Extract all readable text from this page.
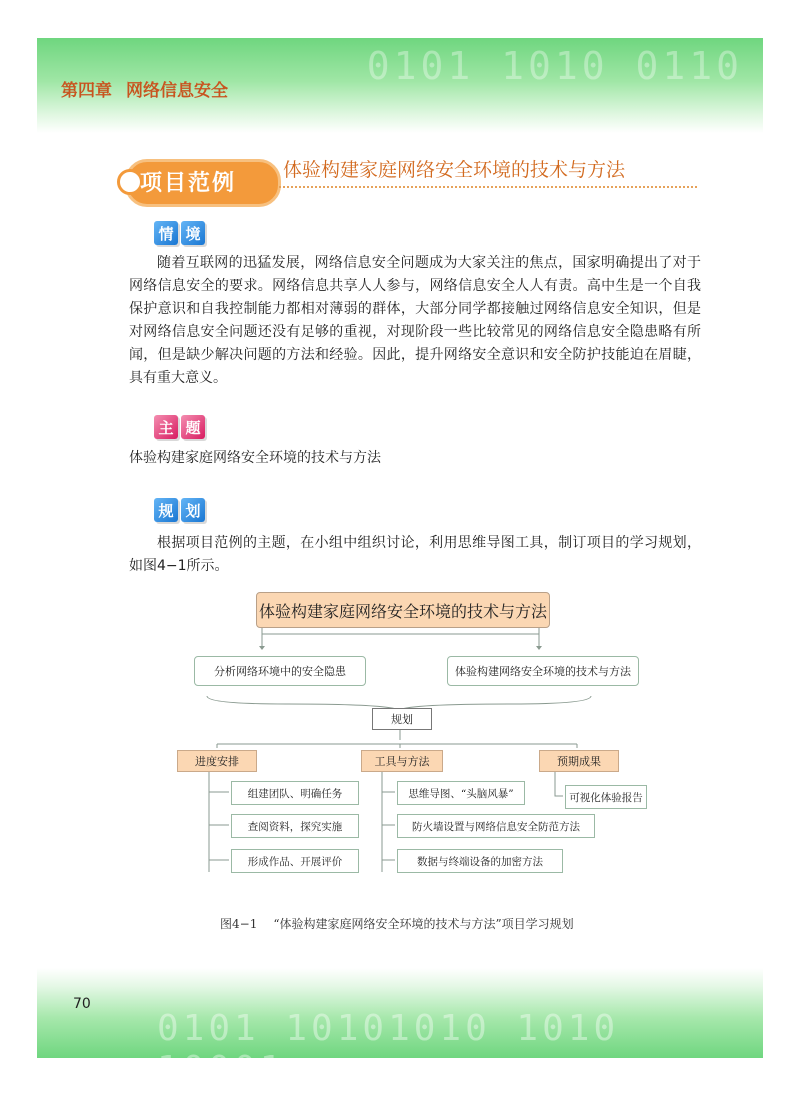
0101 1010 0110
第四章 网络信息安全
项目范例
体验构建家庭网络安全环境的技术与方法
情 境

随着互联网的迅猛发展，网络信息安全问题成为大家关注的焦点，国家明确提出了对于网络信息安全的要求。网络信息共享人人参与，网络信息安全人人有责。高中生是一个自我保护意识和自我控制能力都相对薄弱的群体，大部分同学都接触过网络信息安全知识，但是对网络信息安全问题还没有足够的重视，对现阶段一些比较常见的网络信息安全隐患略有所闻，但是缺少解决问题的方法和经验。因此，提升网络安全意识和安全防护技能迫在眉睫，具有重大意义。

主 题

体验构建家庭网络安全环境的技术与方法

规 划

根据项目范例的主题，在小组中组织讨论，利用思维导图工具，制订项目的学习规划，如图4−1所示。

体验构建家庭网络安全环境的技术与方法
分析网络环境中的安全隐患	体验构建网络安全环境的技术与方法
规划
进度安排	工具与方法	预期成果
组建团队、明确任务
查阅资料，探究实施
形成作品、开展评价
思维导图、“头脑风暴”
防火墙设置与网络信息安全防范方法
数据与终端设备的加密方法
可视化体验报告
图4−1 “体验构建家庭网络安全环境的技术与方法”项目学习规划
0101 10101010 1010 10001
70
